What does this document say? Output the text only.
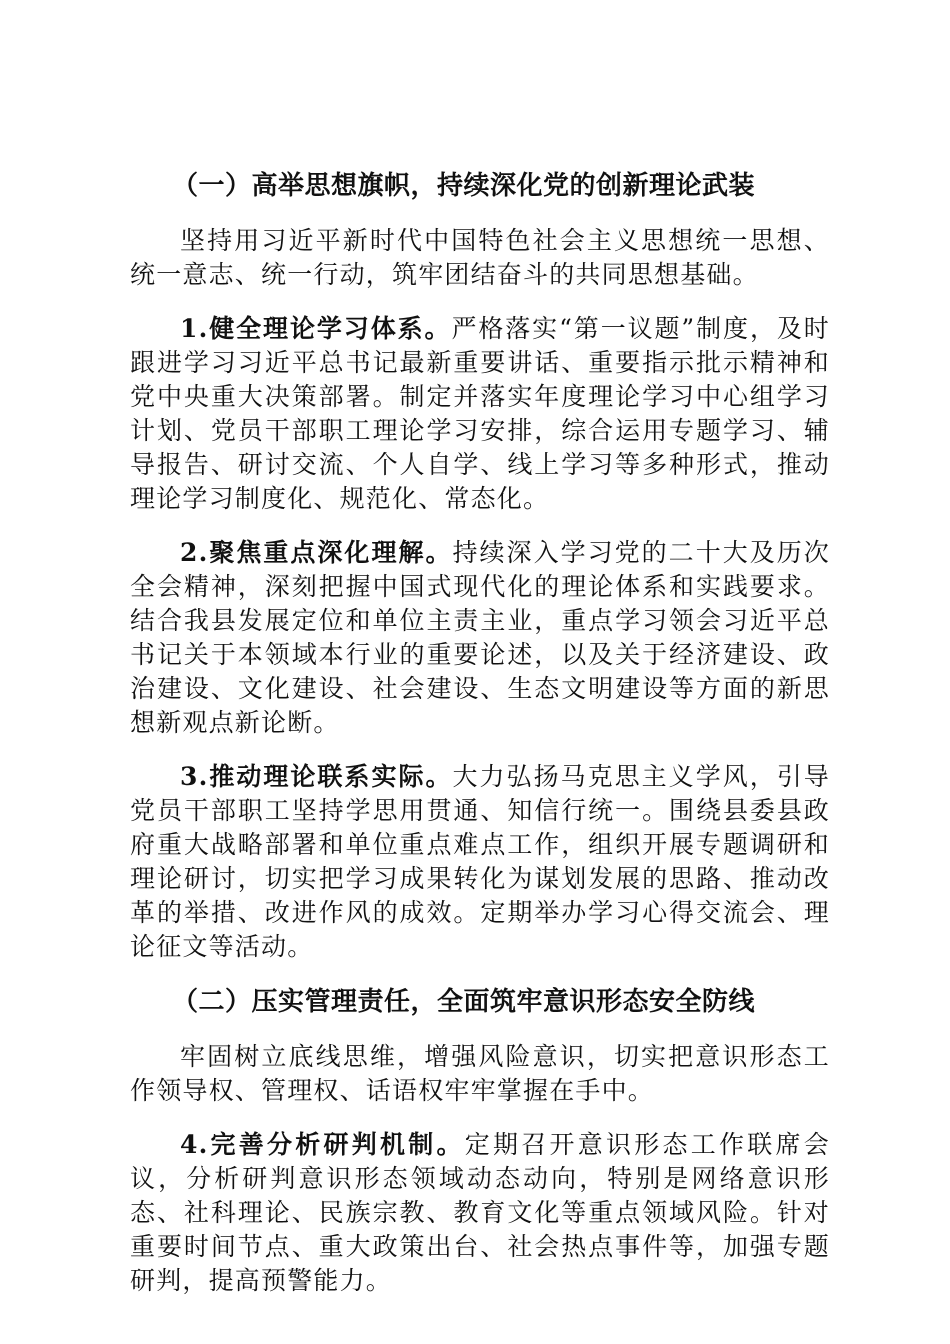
（一）高举思想旗帜，持续深化党的创新理论武装

坚持用习近平新时代中国特色社会主义思想统一思想、统一意志、统一行动，筑牢团结奋斗的共同思想基础。

1.健全理论学习体系。严格落实“第一议题”制度，及时跟进学习习近平总书记最新重要讲话、重要指示批示精神和党中央重大决策部署。制定并落实年度理论学习中心组学习计划、党员干部职工理论学习安排，综合运用专题学习、辅导报告、研讨交流、个人自学、线上学习等多种形式，推动理论学习制度化、规范化、常态化。

2.聚焦重点深化理解。持续深入学习党的二十大及历次全会精神，深刻把握中国式现代化的理论体系和实践要求。结合我县发展定位和单位主责主业，重点学习领会习近平总书记关于本领域本行业的重要论述，以及关于经济建设、政治建设、文化建设、社会建设、生态文明建设等方面的新思想新观点新论断。

3.推动理论联系实际。大力弘扬马克思主义学风，引导党员干部职工坚持学思用贯通、知信行统一。围绕县委县政府重大战略部署和单位重点难点工作，组织开展专题调研和理论研讨，切实把学习成果转化为谋划发展的思路、推动改革的举措、改进作风的成效。定期举办学习心得交流会、理论征文等活动。

（二）压实管理责任，全面筑牢意识形态安全防线

牢固树立底线思维，增强风险意识，切实把意识形态工作领导权、管理权、话语权牢牢掌握在手中。

4.完善分析研判机制。定期召开意识形态工作联席会议，分析研判意识形态领域动态动向，特别是网络意识形态、社科理论、民族宗教、教育文化等重点领域风险。针对重要时间节点、重大政策出台、社会热点事件等，加强专题研判，提高预警能力。
